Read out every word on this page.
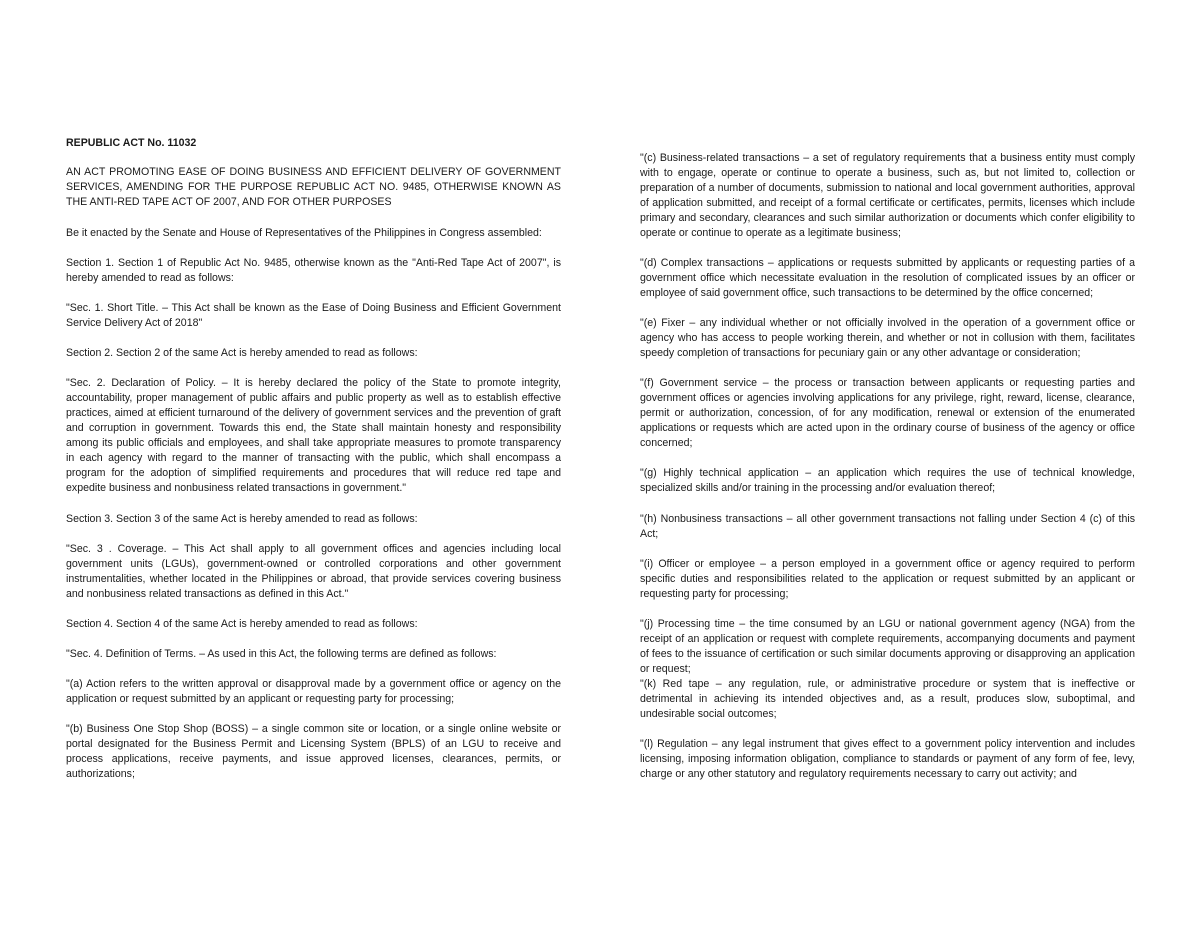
REPUBLIC ACT No. 11032

AN ACT PROMOTING EASE OF DOING BUSINESS AND EFFICIENT DELIVERY OF GOVERNMENT SERVICES, AMENDING FOR THE PURPOSE REPUBLIC ACT NO. 9485, OTHERWISE KNOWN AS THE ANTI-RED TAPE ACT OF 2007, AND FOR OTHER PURPOSES

Be it enacted by the Senate and House of Representatives of the Philippines in Congress assembled:

Section 1. Section 1 of Republic Act No. 9485, otherwise known as the "Anti-Red Tape Act of 2007", is hereby amended to read as follows:

"Sec. 1. Short Title. – This Act shall be known as the Ease of Doing Business and Efficient Government Service Delivery Act of 2018"

Section 2. Section 2 of the same Act is hereby amended to read as follows:

"Sec. 2. Declaration of Policy. – It is hereby declared the policy of the State to promote integrity, accountability, proper management of public affairs and public property as well as to establish effective practices, aimed at efficient turnaround of the delivery of government services and the prevention of graft and corruption in government. Towards this end, the State shall maintain honesty and responsibility among its public officials and employees, and shall take appropriate measures to promote transparency in each agency with regard to the manner of transacting with the public, which shall encompass a program for the adoption of simplified requirements and procedures that will reduce red tape and expedite business and nonbusiness related transactions in government."

Section 3. Section 3 of the same Act is hereby amended to read as follows:

"Sec. 3 . Coverage. – This Act shall apply to all government offices and agencies including local government units (LGUs), government-owned or controlled corporations and other government instrumentalities, whether located in the Philippines or abroad, that provide services covering business and nonbusiness related transactions as defined in this Act."

Section 4. Section 4 of the same Act is hereby amended to read as follows:

"Sec. 4. Definition of Terms. – As used in this Act, the following terms are defined as follows:

"(a) Action refers to the written approval or disapproval made by a government office or agency on the application or request submitted by an applicant or requesting party for processing;

"(b) Business One Stop Shop (BOSS) – a single common site or location, or a single online website or portal designated for the Business Permit and Licensing System (BPLS) of an LGU to receive and process applications, receive payments, and issue approved licenses, clearances, permits, or authorizations;

"(c) Business-related transactions – a set of regulatory requirements that a business entity must comply with to engage, operate or continue to operate a business, such as, but not limited to, collection or preparation of a number of documents, submission to national and local government authorities, approval of application submitted, and receipt of a formal certificate or certificates, permits, licenses which include primary and secondary, clearances and such similar authorization or documents which confer eligibility to operate or continue to operate as a legitimate business;

"(d) Complex transactions – applications or requests submitted by applicants or requesting parties of a government office which necessitate evaluation in the resolution of complicated issues by an officer or employee of said government office, such transactions to be determined by the office concerned;

"(e) Fixer – any individual whether or not officially involved in the operation of a government office or agency who has access to people working therein, and whether or not in collusion with them, facilitates speedy completion of transactions for pecuniary gain or any other advantage or consideration;

"(f) Government service – the process or transaction between applicants or requesting parties and government offices or agencies involving applications for any privilege, right, reward, license, clearance, permit or authorization, concession, of for any modification, renewal or extension of the enumerated applications or requests which are acted upon in the ordinary course of business of the agency or office concerned;

"(g) Highly technical application – an application which requires the use of technical knowledge, specialized skills and/or training in the processing and/or evaluation thereof;

"(h) Nonbusiness transactions – all other government transactions not falling under Section 4 (c) of this Act;

"(i) Officer or employee – a person employed in a government office or agency required to perform specific duties and responsibilities related to the application or request submitted by an applicant or requesting party for processing;

"(j) Processing time – the time consumed by an LGU or national government agency (NGA) from the receipt of an application or request with complete requirements, accompanying documents and payment of fees to the issuance of certification or such similar documents approving or disapproving an application or request;

"(k) Red tape – any regulation, rule, or administrative procedure or system that is ineffective or detrimental in achieving its intended objectives and, as a result, produces slow, suboptimal, and undesirable social outcomes;

"(l) Regulation – any legal instrument that gives effect to a government policy intervention and includes licensing, imposing information obligation, compliance to standards or payment of any form of fee, levy, charge or any other statutory and regulatory requirements necessary to carry out activity; and
